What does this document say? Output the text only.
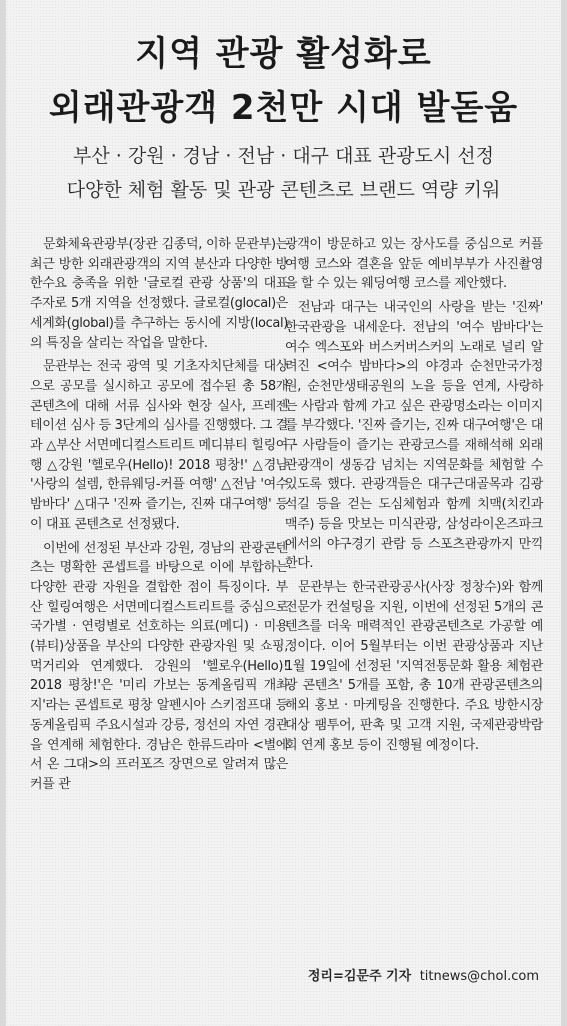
지역 관광 활성화로
외래관광객 2천만 시대 발돋움
부산 · 강원 · 경남 · 전남 · 대구 대표 관광도시 선정
다양한 체험 활동 및 관광 콘텐츠로 브랜드 역량 키워

문화체육관광부(장관 김종덕, 이하 문관부)는 최근 방한 외래관광객의 지역 분산과 다양한 방한수요 충족을 위한 '글로컬 관광 상품'의 대표 주자로 5개 지역을 선정했다. 글로컬(glocal)은 세계화(global)를 추구하는 동시에 지방(local)의 특징을 살리는 작업을 말한다.

문관부는 전국 광역 및 기초자치단체를 대상으로 공모를 실시하고 공모에 접수된 총 58개 콘텐츠에 대해 서류 심사와 현장 실사, 프레젠테이션 심사 등 3단계의 심사를 진행했다. 그 결과 △부산 서면메디컬스트리트 메디뷰티 힐링여행 △강원 '헬로우(Hello)! 2018 평창!' △경남 '사랑의 설렘, 한류웨딩-커플 여행' △전남 '여수 밤바다' △대구 '진짜 즐기는, 진짜 대구여행' 등이 대표 콘텐츠로 선정됐다.

이번에 선정된 부산과 강원, 경남의 관광콘텐츠는 명확한 콘셉트를 바탕으로 이에 부합하는 다양한 관광 자원을 결합한 점이 특징이다. 부산 힐링여행은 서면메디컬스트리트를 중심으로 국가별 · 연령별로 선호하는 의료(메디) · 미용(뷰티)상품을 부산의 다양한 관광자원 및 쇼핑, 먹거리와 연계했다. 강원의 '헬로우(Hello)! 2018 평창!'은 '미리 가보는 동계올림픽 개최지'라는 콘셉트로 평창 알펜시아 스키점프대 등 동계올림픽 주요시설과 강릉, 정선의 자연 경관을 연계해 체험한다. 경남은 한류드라마 <별에서 온 그대>의 프러포즈 장면으로 알려져 많은 커플 관

광객이 방문하고 있는 장사도를 중심으로 커플여행 코스와 결혼을 앞둔 예비부부가 사진촬영을 할 수 있는 웨딩여행 코스를 제안했다.

전남과 대구는 내국인의 사랑을 받는 '진짜' 한국관광을 내세운다. 전남의 '여수 밤바다'는 여수 엑스포와 버스커버스커의 노래로 널리 알려진 <여수 밤바다>의 야경과 순천만국가정원, 순천만생태공원의 노을 등을 연계, 사랑하는 사람과 함께 가고 싶은 관광명소라는 이미지를 부각했다. '진짜 즐기는, 진짜 대구여행'은 대구 사람들이 즐기는 관광코스를 재해석해 외래관광객이 생동감 넘치는 지역문화를 체험할 수 있도록 했다. 관광객들은 대구근대골목과 김광석길 등을 걷는 도심체험과 함께 치맥(치킨과 맥주) 등을 맛보는 미식관광, 삼성라이온즈파크에서의 야구경기 관람 등 스포츠관광까지 만끽한다.

문관부는 한국관광공사(사장 정창수)와 함께 전문가 컨설팅을 지원, 이번에 선정된 5개의 콘텐츠를 더욱 매력적인 관광콘텐츠로 가공할 예정이다. 이어 5월부터는 이번 관광상품과 지난 1월 19일에 선정된 '지역전통문화 활용 체험관광 콘텐츠' 5개를 포함, 총 10개 관광콘텐츠의 해외 홍보 · 마케팅을 진행한다. 주요 방한시장 대상 팸투어, 판촉 및 고객 지원, 국제관광박람회 연계 홍보 등이 진행될 예정이다.

정리=김문주 기자 titnews@chol.com
